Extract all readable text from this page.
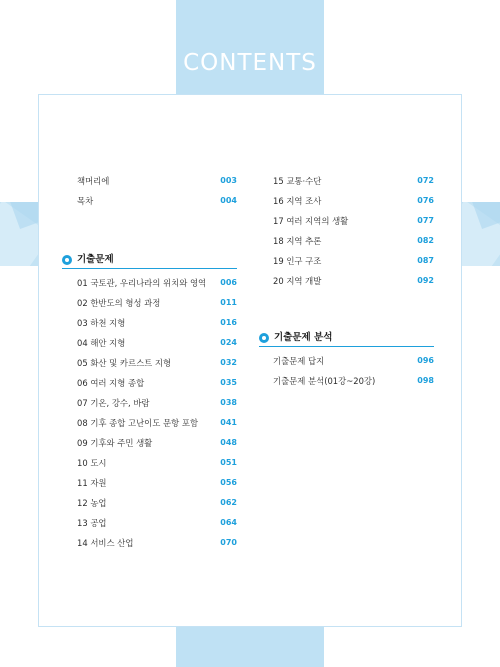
CONTENTS
책머리에	003
목차	004
기출문제
01 국토관, 우리나라의 위치와 영역 006
02 한반도의 형성 과정	011
03 하천 지형	016
04 해안 지형	024
05 화산 및 카르스트 지형	032
06 여러 지형 종합	035
07 기온, 강수, 바람	038
08 기후 종합 고난이도 문항 포함	041
09 기후와 주민 생활	048
10 도시	051
11 자원	056
12 농업	062
13 공업	064
14 서비스 산업	070
15 교통·수단	072
16 지역 조사	076
17 여러 지역의 생활	077
18 지역 추론	082
19 인구 구조	087
20 지역 개발	092
기출문제 분석
기출문제 답지	096
기출문제 분석(01강~20강)	098
